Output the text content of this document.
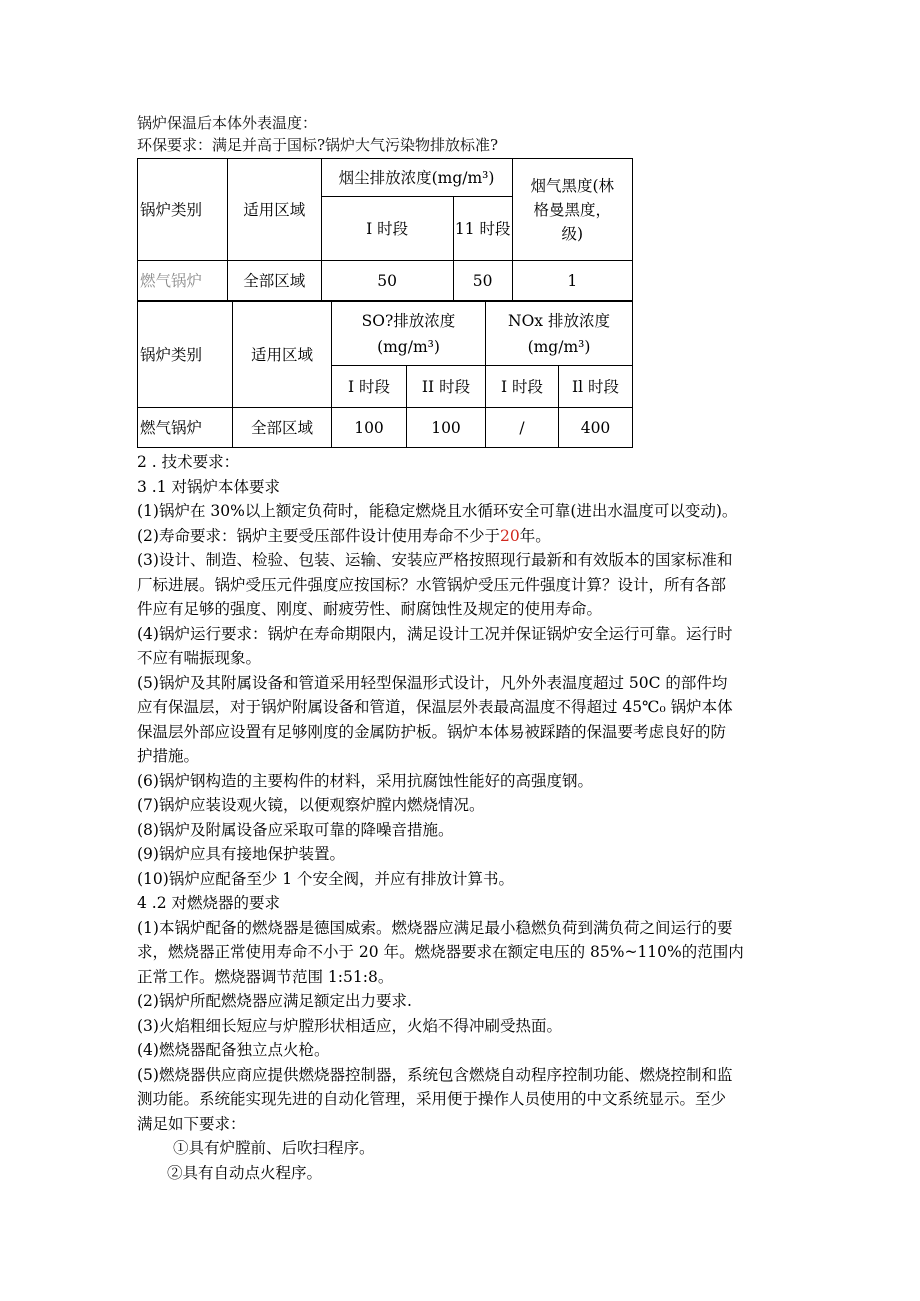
锅炉保温后本体外表温度：

环保要求：满足并高于国标?锅炉大气污染物排放标准?

锅炉类别	适用区域	烟尘排放浓度(mg/m³)		烟气黑度(林格曼黑度，级)
		I 时段	11 时段	
燃气锅炉	全部区域	50	50	1
锅炉类别	适用区域	SO?排放浓度(mg/m³)		NOx 排放浓度(mg/m³)	
		I 时段	II 时段	I 时段	Il 时段
燃气锅炉	全部区域	100	100	/	400

2 . 技术要求：

3 .1 对锅炉本体要求

(1)锅炉在 30%以上额定负荷时，能稳定燃烧且水循环安全可靠(进出水温度可以变动)。

(2)寿命要求：锅炉主要受压部件设计使用寿命不少于20年。

(3)设计、制造、检验、包装、运输、安装应严格按照现行最新和有效版本的国家标准和

厂标进展。锅炉受压元件强度应按国标？水管锅炉受压元件强度计算？设计，所有各部

件应有足够的强度、刚度、耐疲劳性、耐腐蚀性及规定的使用寿命。

(4)锅炉运行要求：锅炉在寿命期限内，满足设计工况并保证锅炉安全运行可靠。运行时

不应有喘振现象。

(5)锅炉及其附属设备和管道采用轻型保温形式设计，凡外外表温度超过 50C 的部件均

应有保温层，对于锅炉附属设备和管道，保温层外表最高温度不得超过 45℃₀ 锅炉本体

保温层外部应设置有足够刚度的金属防护板。锅炉本体易被踩踏的保温要考虑良好的防

护措施。

(6)锅炉钢构造的主要构件的材料，采用抗腐蚀性能好的高强度钢。

(7)锅炉应装设观火镜，以便观察炉膛内燃烧情况。

(8)锅炉及附属设备应采取可靠的降噪音措施。

(9)锅炉应具有接地保护装置。

(10)锅炉应配备至少 1 个安全阀，并应有排放计算书。

4 .2 对燃烧器的要求

(1)本锅炉配备的燃烧器是德国威索。燃烧器应满足最小稳燃负荷到满负荷之间运行的要

求，燃烧器正常使用寿命不小于 20 年。燃烧器要求在额定电压的 85%~110%的范围内

正常工作。燃烧器调节范围 1:51:8。

(2)锅炉所配燃烧器应满足额定出力要求.

(3)火焰粗细长短应与炉膛形状相适应，火焰不得冲刷受热面。

(4)燃烧器配备独立点火枪。

(5)燃烧器供应商应提供燃烧器控制器，系统包含燃烧自动程序控制功能、燃烧控制和监

测功能。系统能实现先进的自动化管理，采用便于操作人员使用的中文系统显示。至少

满足如下要求：

①具有炉膛前、后吹扫程序。

②具有自动点火程序。
